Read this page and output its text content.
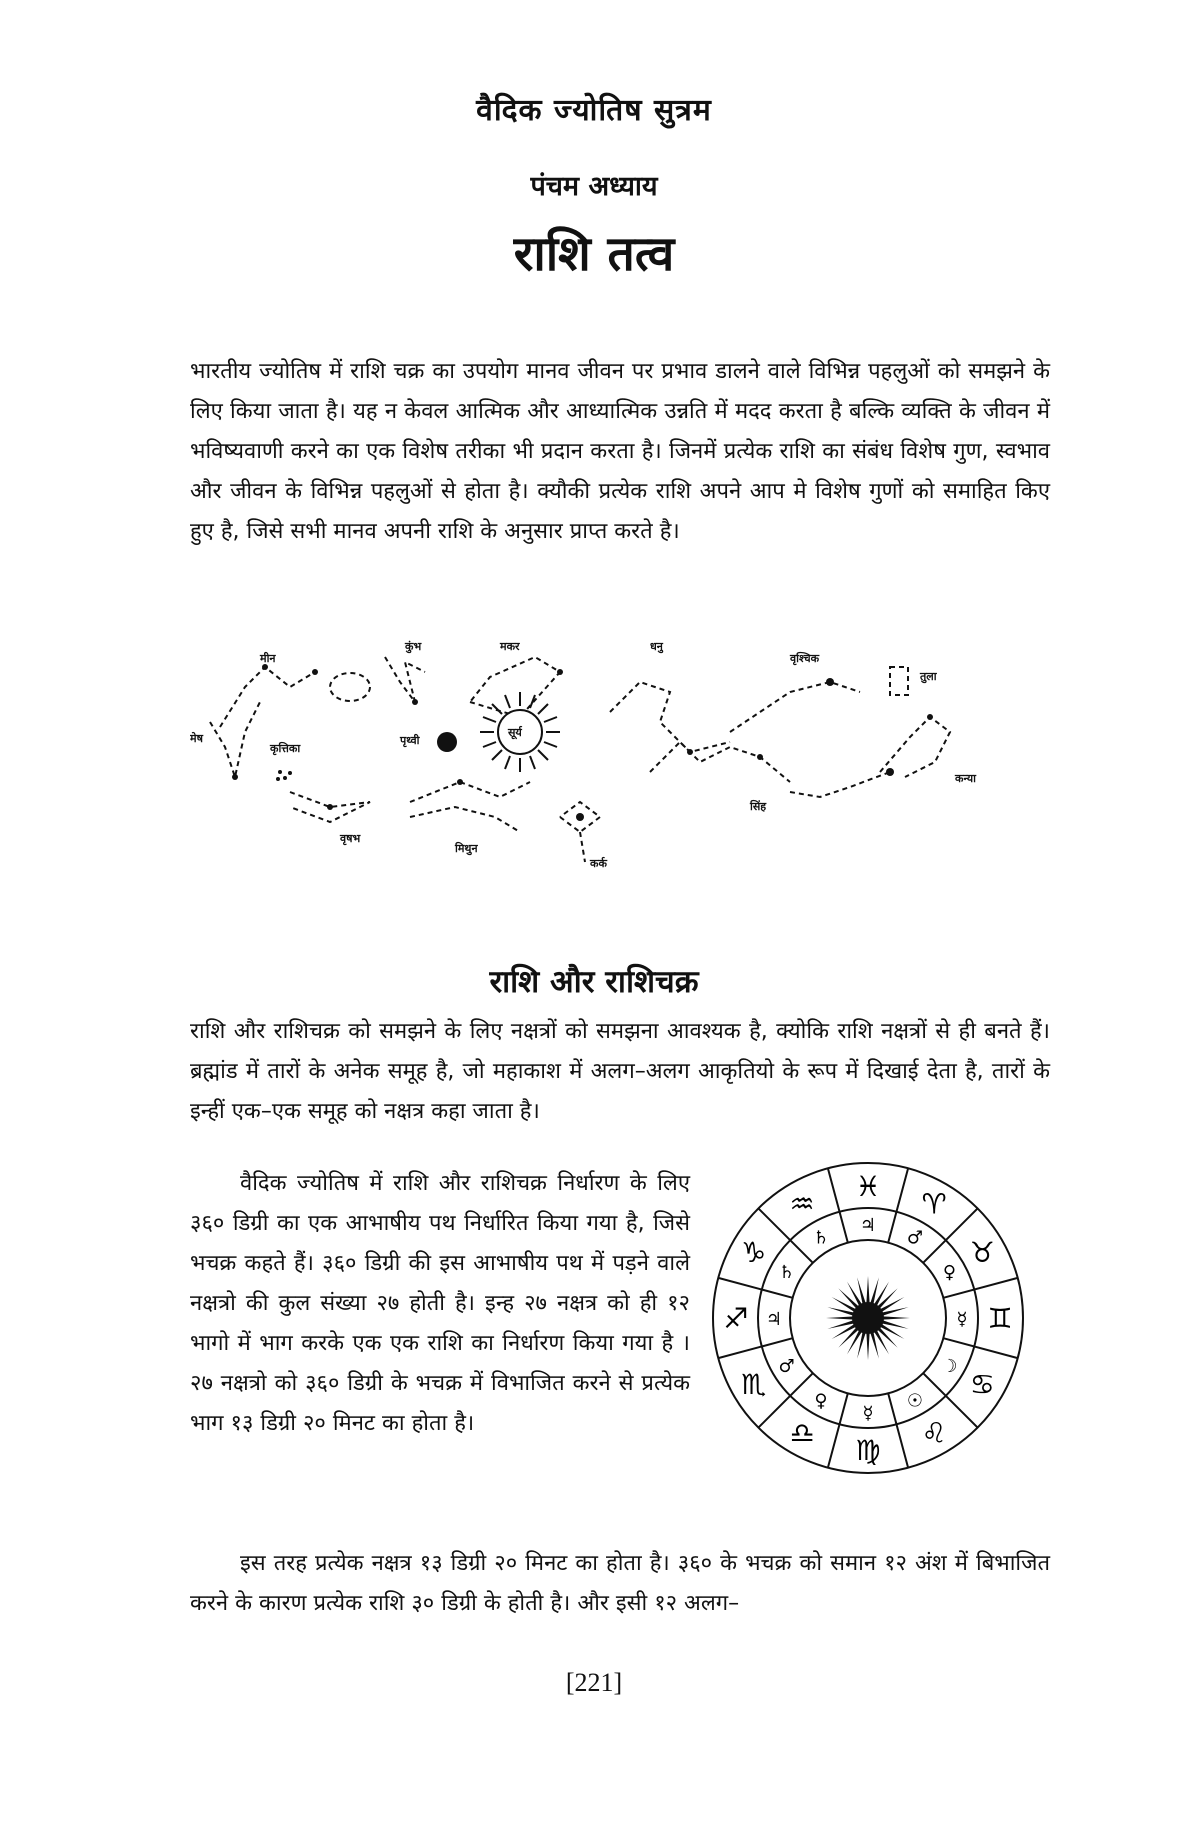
वैदिक ज्योतिष सुत्रम
पंचम अध्याय
राशि तत्व

भारतीय ज्योतिष में राशि चक्र का उपयोग मानव जीवन पर प्रभाव डालने वाले विभिन्न पहलुओं को समझने के लिए किया जाता है। यह न केवल आत्मिक और आध्यात्मिक उन्नति में मदद करता है बल्कि व्यक्ति के जीवन में भविष्यवाणी करने का एक विशेष तरीका भी प्रदान करता है। जिनमें प्रत्येक राशि का संबंध विशेष गुण, स्वभाव और जीवन के विभिन्न पहलुओं से होता है। क्यौकी प्रत्येक राशि अपने आप मे विशेष गुणों को समाहित किए हुए है, जिसे सभी मानव अपनी राशि के अनुसार प्राप्त करते है।

मीन
कुंभ	मकर	धनु
वृश्चिक
तुला
मेष
कृत्तिका
पृथ्वी
सूर्य
कन्या
वृषभ
मिथुन
कर्क
सिंह
राशि और राशिचक्र

राशि और राशिचक्र को समझने के लिए नक्षत्रों को समझना आवश्यक है, क्योकि राशि नक्षत्रों से ही बनते हैं। ब्रह्मांड में तारों के अनेक समूह है, जो महाकाश में अलग–अलग आकृतियो के रूप में दिखाई देता है, तारों के इन्हीं एक–एक समूह को नक्षत्र कहा जाता है।

वैदिक ज्योतिष में राशि और राशिचक्र निर्धारण के लिए ३६० डिग्री का एक आभाषीय पथ निर्धारित किया गया है, जिसे भचक्र कहते हैं। ३६० डिग्री की इस आभाषीय पथ में पड़ने वाले नक्षत्रो की कुल संख्या २७ होती है। इन्ह २७ नक्षत्र को ही १२ भागो में भाग करके एक एक राशि का निर्धारण किया गया है । २७ नक्षत्रो को ३६० डिग्री के भचक्र में विभाजित करने से प्रत्येक भाग १३ डिग्री २० मिनट का होता है।

♈
♉
♊
♋
♌
♍
♎
♏
♐
♑
♒
♓
♂
♀
☿
☽
☉
☿
♀
♂
♃
♄
♄
♃

इस तरह प्रत्येक नक्षत्र १३ डिग्री २० मिनट का होता है। ३६० के भचक्र को समान १२ अंश में बिभाजित करने के कारण प्रत्येक राशि ३० डिग्री के होती है। और इसी १२ अलग–

[221]
